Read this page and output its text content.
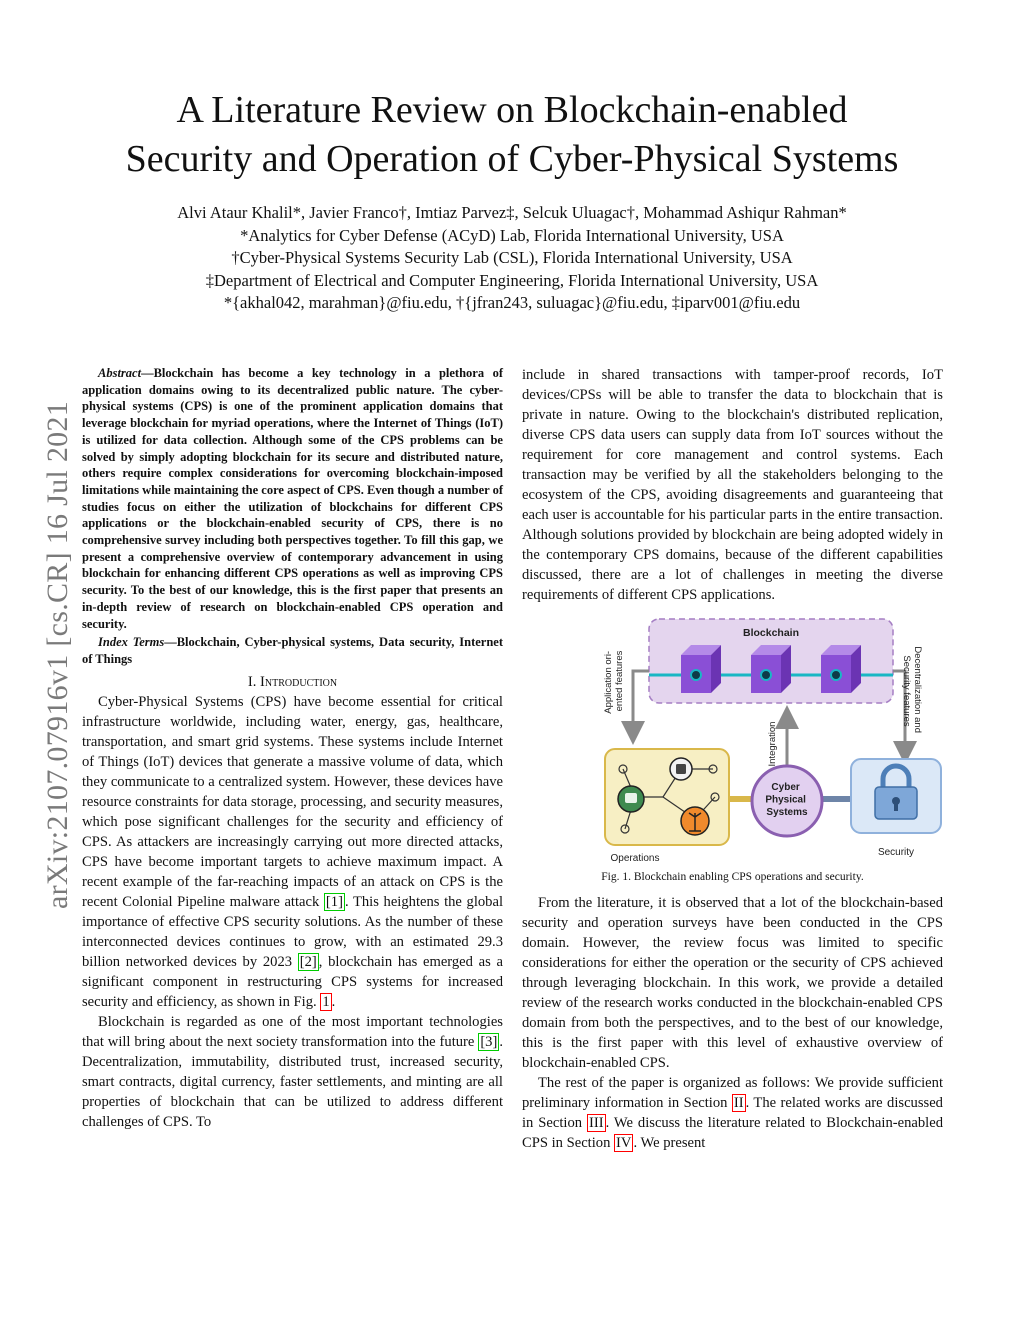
arXiv:2107.07916v1 [cs.CR] 16 Jul 2021
A Literature Review on Blockchain-enabled
Security and Operation of Cyber-Physical Systems
Alvi Ataur Khalil*, Javier Franco†, Imtiaz Parvez‡, Selcuk Uluagac†, Mohammad Ashiqur Rahman*
*Analytics for Cyber Defense (ACyD) Lab, Florida International University, USA
†Cyber-Physical Systems Security Lab (CSL), Florida International University, USA
‡Department of Electrical and Computer Engineering, Florida International University, USA
*{akhal042, marahman}@fiu.edu, †{jfran243, suluagac}@fiu.edu, ‡iparv001@fiu.edu

Abstract—Blockchain has become a key technology in a plethora of application domains owing to its decentralized public nature. The cyber-physical systems (CPS) is one of the prominent application domains that leverage blockchain for myriad operations, where the Internet of Things (IoT) is utilized for data collection. Although some of the CPS problems can be solved by simply adopting blockchain for its secure and distributed nature, others require complex considerations for overcoming blockchain-imposed limitations while maintaining the core aspect of CPS. Even though a number of studies focus on either the utilization of blockchains for different CPS applications or the blockchain-enabled security of CPS, there is no comprehensive survey including both perspectives together. To fill this gap, we present a comprehensive overview of contemporary advancement in using blockchain for enhancing different CPS operations as well as improving CPS security. To the best of our knowledge, this is the first paper that presents an in-depth review of research on blockchain-enabled CPS operation and security.

Index Terms—Blockchain, Cyber-physical systems, Data security, Internet of Things

I. Introduction

Cyber-Physical Systems (CPS) have become essential for critical infrastructure worldwide, including water, energy, gas, healthcare, transportation, and smart grid systems. These systems include Internet of Things (IoT) devices that generate a massive volume of data, which they communicate to a centralized system. However, these devices have resource constraints for data storage, processing, and security measures, which pose significant challenges for the security and efficiency of CPS. As attackers are increasingly carrying out more directed attacks, CPS have become important targets to achieve maximum impact. A recent example of the far-reaching impacts of an attack on CPS is the recent Colonial Pipeline malware attack [1] . This heightens the global importance of effective CPS security solutions. As the number of these interconnected devices continues to grow, with an estimated 29.3 billion networked devices by 2023 [2] , blockchain has emerged as a significant component in restructuring CPS systems for increased security and efficiency, as shown in Fig. 1 .

Blockchain is regarded as one of the most important technologies that will bring about the next society transformation into the future [3] . Decentralization, immutability, distributed trust, increased security, smart contracts, digital currency, faster settlements, and minting are all properties of blockchain that can be utilized to address different challenges of CPS. To

include in shared transactions with tamper-proof records, IoT devices/CPSs will be able to transfer the data to blockchain that is private in nature. Owing to the blockchain's distributed replication, diverse CPS data users can supply data from IoT sources without the requirement for core management and control systems. Each transaction may be verified by all the stakeholders belonging to the ecosystem of the CPS, avoiding disagreements and guaranteeing that each user is accountable for his particular parts in the entire transaction. Although solutions provided by blockchain are being adopted widely in the contemporary CPS domains, because of the different capabilities discussed, there are a lot of challenges in meeting the diverse requirements of different CPS applications.

Blockchain
Application ori- ented features	Decentralization and Security features
Integration
Operations
Cyber Physical Systems
Security
Fig. 1. Blockchain enabling CPS operations and security.

From the literature, it is observed that a lot of the blockchain-based security and operation surveys have been conducted in the CPS domain. However, the review focus was limited to specific considerations for either the operation or the security of CPS achieved through leveraging blockchain. In this work, we provide a detailed review of the research works conducted in the blockchain-enabled CPS domain from both the perspectives, and to the best of our knowledge, this is the first paper with this level of exhaustive overview of blockchain-enabled CPS.

The rest of the paper is organized as follows: We provide sufficient preliminary information in Section II . The related works are discussed in Section III . We discuss the literature related to Blockchain-enabled CPS in Section IV . We present
